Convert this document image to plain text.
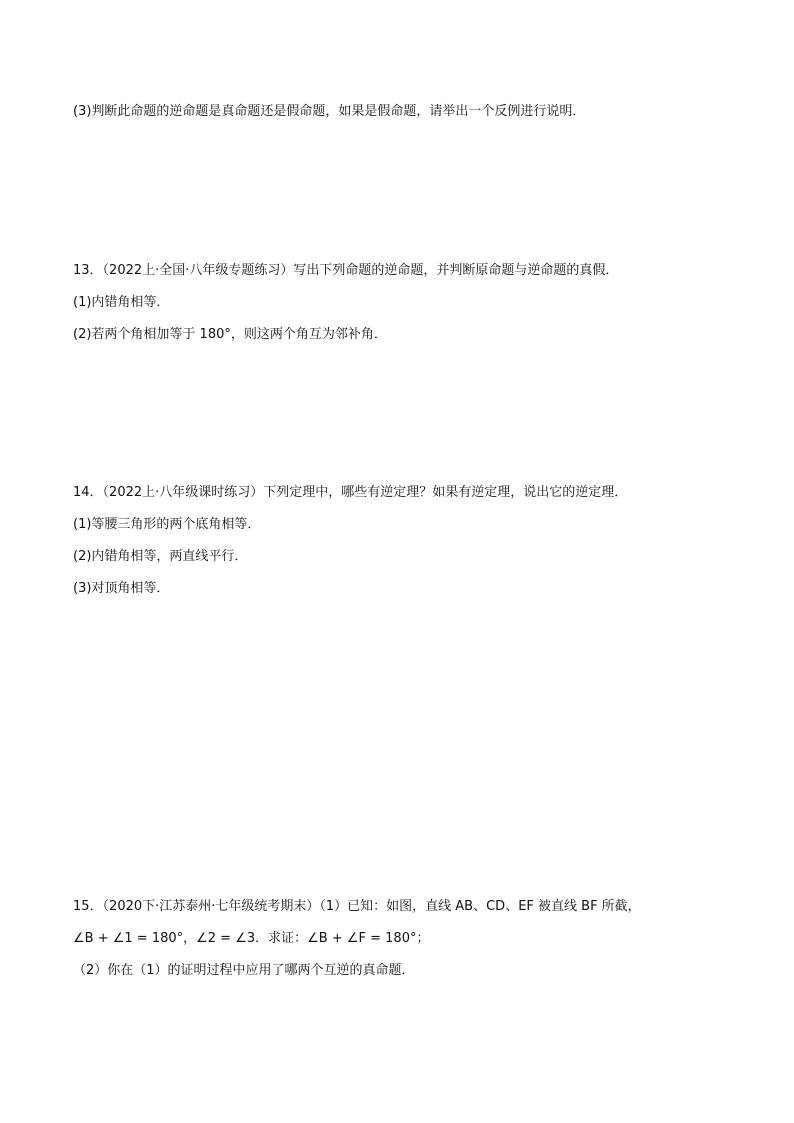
(3)判断此命题的逆命题是真命题还是假命题，如果是假命题，请举出一个反例进行说明．
13．（2022上·全国·八年级专题练习）写出下列命题的逆命题，并判断原命题与逆命题的真假．
(1)内错角相等．
(2)若两个角相加等于 180°，则这两个角互为邻补角．
14．（2022上·八年级课时练习）下列定理中，哪些有逆定理？如果有逆定理，说出它的逆定理．
(1)等腰三角形的两个底角相等．
(2)内错角相等，两直线平行．
(3)对顶角相等．
15．（2020下·江苏泰州·七年级统考期末）（1）已知：如图，直线 AB、CD、EF 被直线 BF 所截，
∠B + ∠1 = 180°，∠2 = ∠3．求证：∠B + ∠F = 180°；
（2）你在（1）的证明过程中应用了哪两个互逆的真命题．
